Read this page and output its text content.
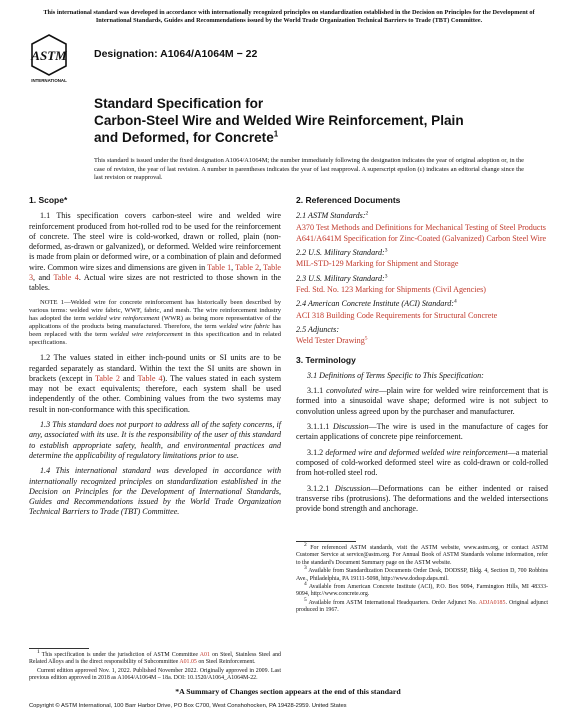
This international standard was developed in accordance with internationally recognized principles on standardization established in the Decision on Principles for the Development of International Standards, Guides and Recommendations issued by the World Trade Organization Technical Barriers to Trade (TBT) Committee.
ASTM
INTERNATIONAL
Designation: A1064/A1064M − 22
Standard Specification for
Carbon-Steel Wire and Welded Wire Reinforcement, Plain
and Deformed, for Concrete$^1$
This standard is issued under the fixed designation A1064/A1064M; the number immediately following the designation indicates the year of original adoption or, in the case of revision, the year of last revision. A number in parentheses indicates the year of last reapproval. A superscript epsilon (ε) indicates an editorial change since the last revision or reapproval.
1. Scope*

1.1 This specification covers carbon-steel wire and welded wire reinforcement produced from hot-rolled rod to be used for the reinforcement of concrete. The steel wire is cold-worked, drawn or rolled, plain (non-deformed, as-drawn or galvanized), or deformed. Welded wire reinforcement is made from plain or deformed wire, or a combination of plain and deformed wire. Common wire sizes and dimensions are given in Table 1, Table 2, Table 3, and Table 4. Actual wire sizes are not restricted to those shown in the tables.

NOTE 1—Welded wire for concrete reinforcement has historically been described by various terms: welded wire fabric, WWF, fabric, and mesh. The wire reinforcement industry has adopted the term welded wire reinforcement (WWR) as being more representative of the applications of the products being manufactured. Therefore, the term welded wire fabric has been replaced with the term welded wire reinforcement in this specification and in related specifications.

1.2 The values stated in either inch-pound units or SI units are to be regarded separately as standard. Within the text the SI units are shown in brackets (except in Table 2 and Table 4). The values stated in each system may not be exact equivalents; therefore, each system shall be used independently of the other. Combining values from the two systems may result in non-conformance with this specification.

1.3 This standard does not purport to address all of the safety concerns, if any, associated with its use. It is the responsibility of the user of this standard to establish appropriate safety, health, and environmental practices and determine the applicability of regulatory limitations prior to use.

1.4 This international standard was developed in accordance with internationally recognized principles on standardization established in the Decision on Principles for the Development of International Standards, Guides and Recommendations issued by the World Trade Organization Technical Barriers to Trade (TBT) Committee.

$^1$ This specification is under the jurisdiction of ASTM Committee A01 on Steel, Stainless Steel and Related Alloys and is the direct responsibility of Subcommittee A01.05 on Steel Reinforcement.

Current edition approved Nov. 1, 2022. Published November 2022. Originally approved in 2009. Last previous edition approved in 2018 as A1064/A1064M – 18a. DOI: 10.1520/A1064_A1064M-22.

2. Referenced Documents
2.1 ASTM Standards:$^2$
A370 Test Methods and Definitions for Mechanical Testing of Steel Products
A641/A641M Specification for Zinc-Coated (Galvanized) Carbon Steel Wire
2.2 U.S. Military Standard:$^3$
MIL-STD-129 Marking for Shipment and Storage
2.3 U.S. Military Standard:$^3$
Fed. Std. No. 123 Marking for Shipments (Civil Agencies)
2.4 American Concrete Institute (ACI) Standard:$^4$
ACI 318 Building Code Requirements for Structural Concrete
2.5 Adjuncts:
Weld Tester Drawing$^5$
3. Terminology

3.1 Definitions of Terms Specific to This Specification:

3.1.1 convoluted wire—plain wire for welded wire reinforcement that is formed into a sinusoidal wave shape; deformed wire is not subject to convolution unless agreed upon by the purchaser and manufacturer.

3.1.1.1 Discussion—The wire is used in the manufacture of cages for certain applications of concrete pipe reinforcement.

3.1.2 deformed wire and deformed welded wire reinforcement—a material composed of cold-worked deformed steel wire as cold-drawn or cold-rolled from hot-rolled steel rod.

3.1.2.1 Discussion—Deformations can be either indented or raised transverse ribs (protrusions). The deformations and the welded intersections provide bond strength and anchorage.

$^2$ For referenced ASTM standards, visit the ASTM website, www.astm.org, or contact ASTM Customer Service at service@astm.org. For Annual Book of ASTM Standards volume information, refer to the standard's Document Summary page on the ASTM website.

$^3$ Available from Standardization Documents Order Desk, DODSSP, Bldg. 4, Section D, 700 Robbins Ave., Philadelphia, PA 19111-5098, http://www.dodssp.daps.mil.

$^4$ Available from American Concrete Institute (ACI), P.O. Box 9094, Farmington Hills, MI 48333-9094, http://www.concrete.org.

$^5$ Available from ASTM International Headquarters. Order Adjunct No. ADJA0185. Original adjunct produced in 1967.

*A Summary of Changes section appears at the end of this standard
Copyright © ASTM International, 100 Barr Harbor Drive, PO Box C700, West Conshohocken, PA 19428-2959. United States
